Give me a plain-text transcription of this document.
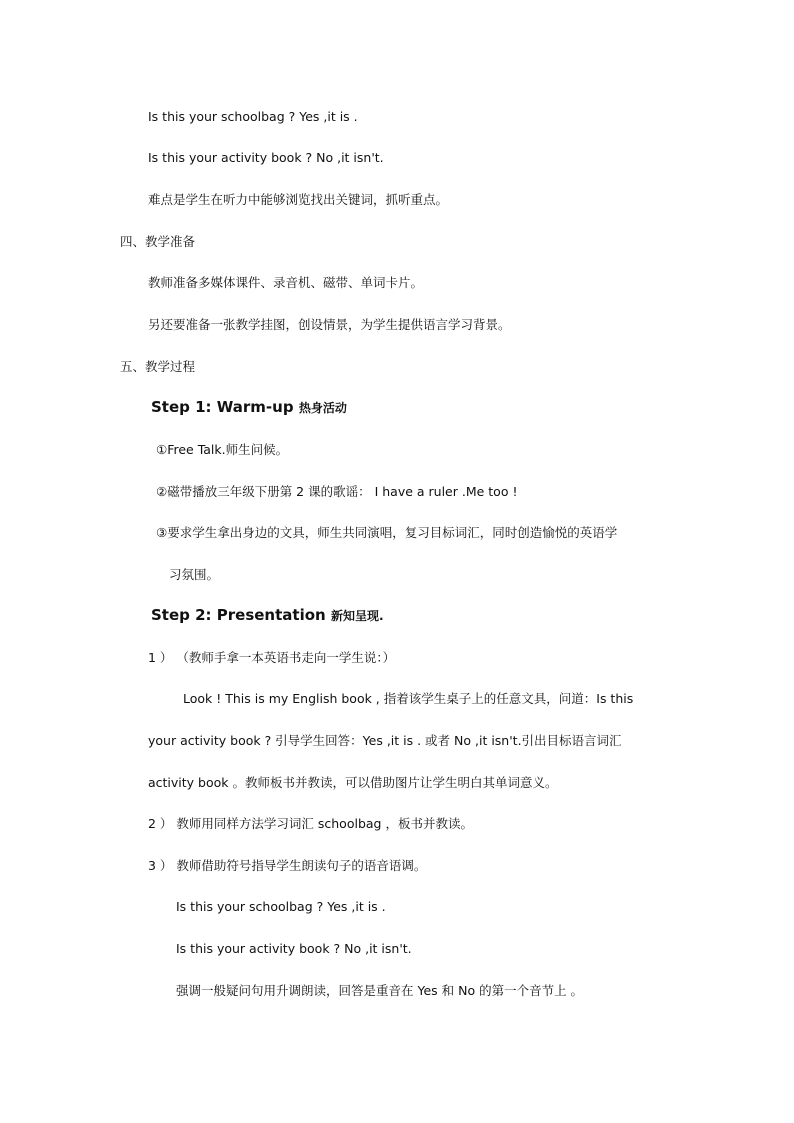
Is this your schoolbag ? Yes ,it is .
Is this your activity book ? No ,it isn't.
难点是学生在听力中能够浏览找出关键词，抓听重点。
四、教学准备
教师准备多媒体课件、录音机、磁带、单词卡片。
另还要准备一张教学挂图，创设情景，为学生提供语言学习背景。
五、教学过程
Step 1: Warm-up 热身活动
①Free Talk.师生问候。
②磁带播放三年级下册第 2 课的歌谣： I have a ruler .Me too !
③要求学生拿出身边的文具，师生共同演唱，复习目标词汇，同时创造愉悦的英语学
习氛围。
Step 2: Presentation 新知呈现.
1 ） （教师手拿一本英语书走向一学生说：）
Look ! This is my English book , 指着该学生桌子上的任意文具，问道：Is this
your activity book ? 引导学生回答：Yes ,it is . 或者 No ,it isn't.引出目标语言词汇
activity book 。教师板书并教读，可以借助图片让学生明白其单词意义。
2 ） 教师用同样方法学习词汇 schoolbag ，板书并教读。
3 ） 教师借助符号指导学生朗读句子的语音语调。
Is this your schoolbag ? Yes ,it is .
Is this your activity book ? No ,it isn't.
强调一般疑问句用升调朗读，回答是重音在 Yes 和 No 的第一个音节上 。
